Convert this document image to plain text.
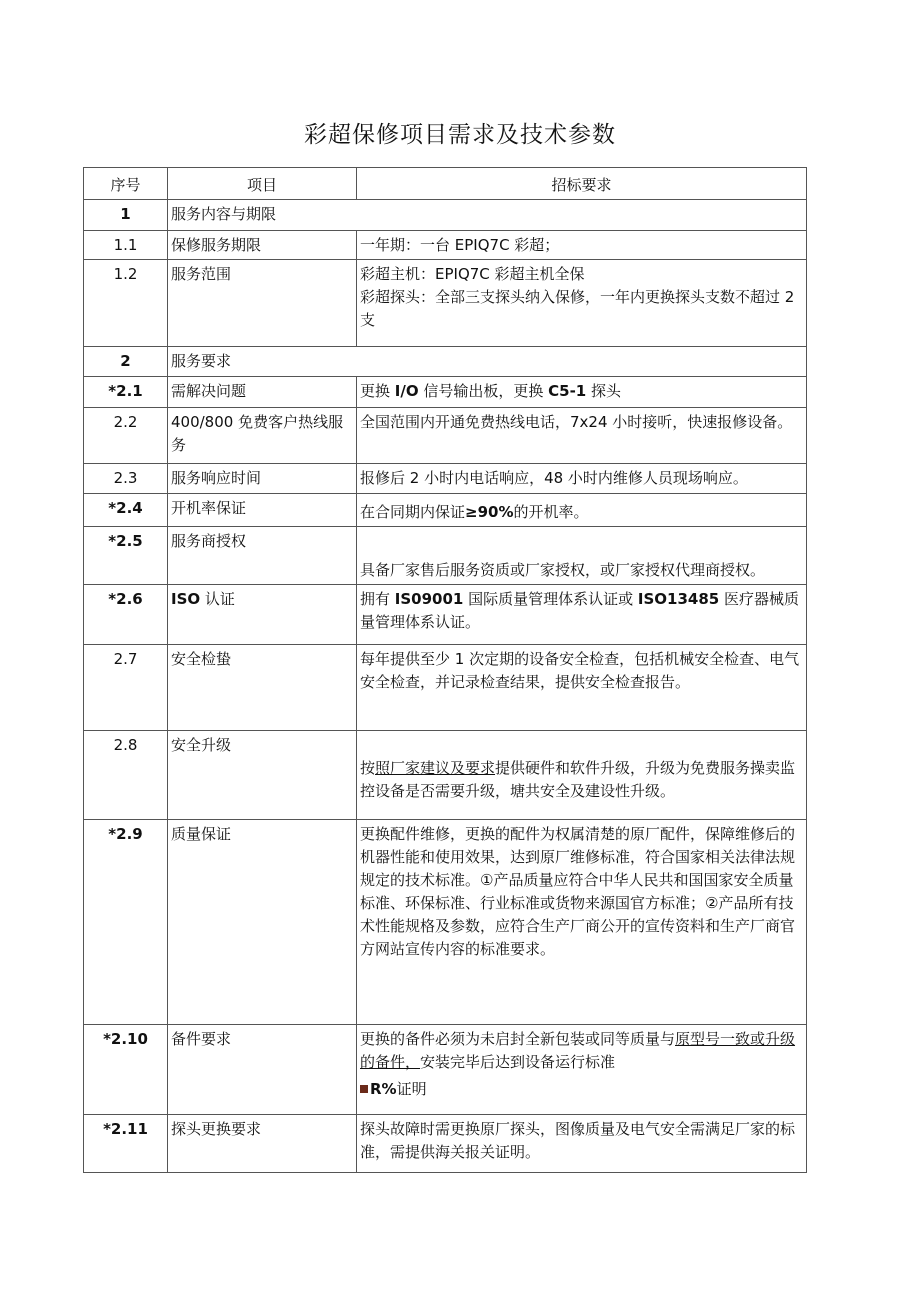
彩超保修项目需求及技术参数
序号	项目	招标要求
1	服务内容与期限	
1.1	保修服务期限	一年期：一台 EPIQ7C 彩超；
1.2	服务范围	彩超主机：EPIQ7C 彩超主机全保
彩超探头：全部三支探头纳入保修，一年内更换探头支数不超过 2 支

2	服务要求	
*2.1	需解决问题	更换 I/O 信号输出板，更换 C5-1 探头
2.2	400/800 免费客户热线服务	全国范围内开通免费热线电话，7x24 小时接听，快速报修设备。
2.3	服务响应时间	报修后 2 小时内电话响应，48 小时内维修人员现场响应。
*2.4	开机率保证	在合同期内保证≥90%的开机率。
*2.5	服务商授权	具备厂家售后服务资质或厂家授权，或厂家授权代理商授权。
*2.6	ISO 认证	拥有 IS09001 国际质量管理体系认证或 ISO13485 医疗器械质量管理体系认证。
2.7	安全检蛰	每年提供至少 1 次定期的设备安全检查，包括机械安全检查、电气安全检查，并记录检查结果，提供安全检查报告。
2.8	安全升级	按照厂家建议及要求提供硬件和软件升级，升级为免费服务操卖监控设备是否需要升级，塘共安全及建设性升级。
*2.9	质量保证	更换配件维修，更换的配件为权属清楚的原厂配件，保障维修后的机器性能和使用效果，达到原厂维修标准，符合国家相关法律法规规定的技术标准。①产品质量应符合中华人民共和国国家安全质量标准、环保标准、行业标准或货物来源国官方标准；②产品所有技术性能规格及参数，应符合生产厂商公开的宣传资料和生产厂商官方网站宣传内容的标准要求。
*2.10	备件要求	更换的备件必须为未启封全新包装或同等质量与原型号一致或升级的备件，安装完毕后达到设备运行标准
R%证明

*2.11	探头更换要求	探头故障时需更换原厂探头，图像质量及电气安全需满足厂家的标准，需提供海关报关证明。
